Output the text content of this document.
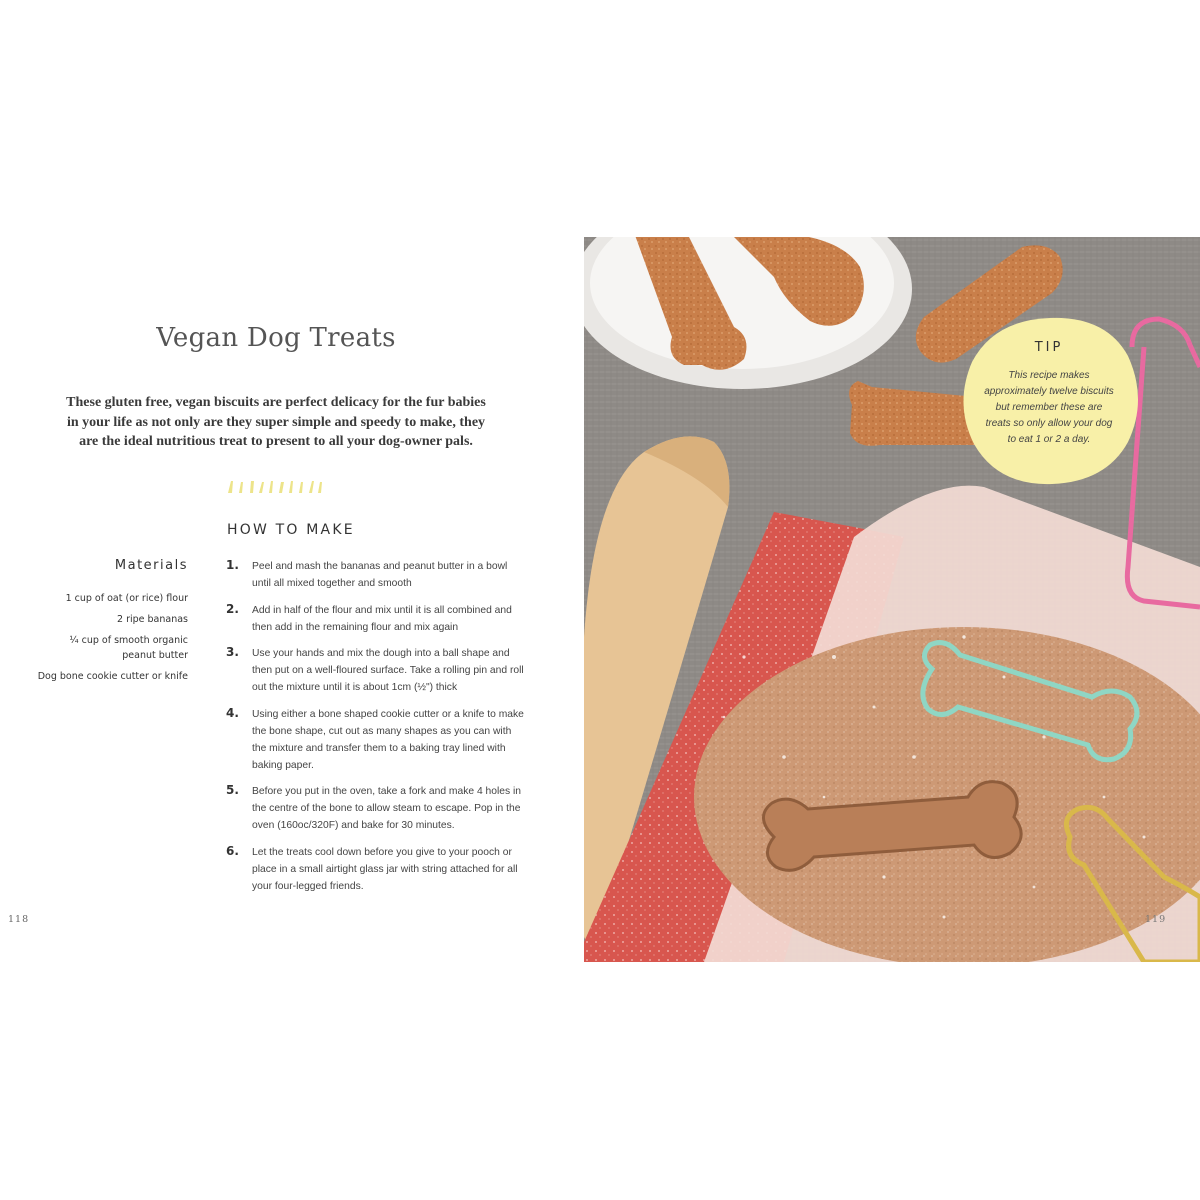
Vegan Dog Treats

These gluten free, vegan biscuits are perfect delicacy for the fur babies in your life as not only are they super simple and speedy to make, they are the ideal nutritious treat to present to all your dog-owner pals.

HOW TO MAKE
Materials
1 cup of oat (or rice) flour
2 ripe bananas
¼ cup of smooth organic peanut butter
Dog bone cookie cutter or knife
1. Peel and mash the bananas and peanut butter in a bowl until all mixed together and smooth
2. Add in half of the flour and mix until it is all combined and then add in the remaining flour and mix again
3. Use your hands and mix the dough into a ball shape and then put on a well-floured surface. Take a rolling pin and roll out the mixture until it is about 1cm (½") thick
4. Using either a bone shaped cookie cutter or a knife to make the bone shape, cut out as many shapes as you can with the mixture and transfer them to a baking tray lined with baking paper.
5. Before you put in the oven, take a fork and make 4 holes in the centre of the bone to allow steam to escape. Pop in the oven (160oc/320F) and bake for 30 minutes.
6. Let the treats cool down before you give to your pooch or place in a small airtight glass jar with string attached for all your four-legged friends.
118
TIP
This recipe makes approximately twelve biscuits but remember these are treats so only allow your dog to eat 1 or 2 a day.
119
